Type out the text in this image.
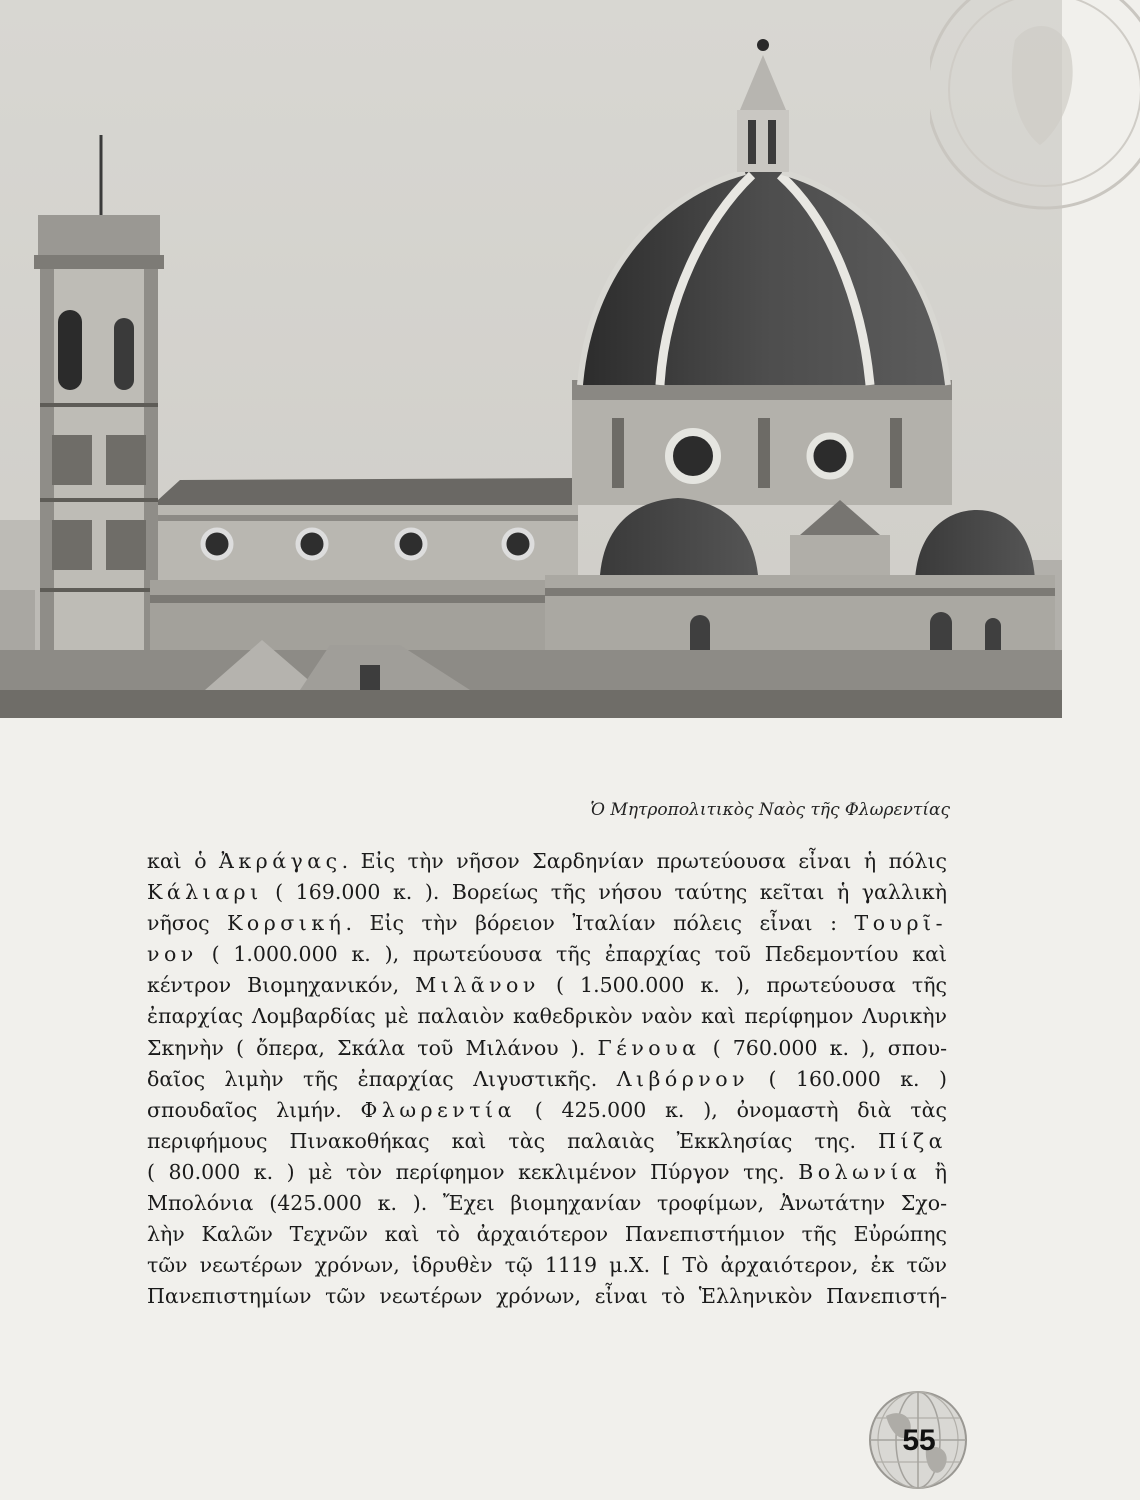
Ὁ Μητροπολιτικὸς Ναὸς τῆς Φλωρεντίας
καὶ ὁ Ἀκράγας. Εἰς τὴν νῆσον Σαρδηνίαν πρωτεύουσα εἶναι ἡ πόλις
Κάλιαρι ( 169.000 κ. ). Βορείως τῆς νήσου ταύτης κεῖται ἡ γαλλικὴ
νῆσος Κορσική. Εἰς τὴν βόρειον Ἰταλίαν πόλεις εἶναι : Τουρῖ-
νον ( 1.000.000 κ. ), πρωτεύουσα τῆς ἐπαρχίας τοῦ Πεδεμοντίου καὶ
κέντρον Βιομηχανικόν, Μιλᾶνον ( 1.500.000 κ. ), πρωτεύουσα τῆς
ἐπαρχίας Λομβαρδίας μὲ παλαιὸν καθεδρικὸν ναὸν καὶ περίφημον Λυρικὴν
Σκηνὴν ( ὄπερα, Σκάλα τοῦ Μιλάνου ). Γένουα ( 760.000 κ. ), σπου-
δαῖος λιμὴν τῆς ἐπαρχίας Λιγυστικῆς. Λιβόρνον ( 160.000 κ. )
σπουδαῖος λιμήν. Φλωρεντία ( 425.000 κ. ), ὀνομαστὴ διὰ τὰς
περιφήμους Πινακοθήκας καὶ τὰς παλαιὰς Ἐκκλησίας της. Πίζα
( 80.000 κ. ) μὲ τὸν περίφημον κεκλιμένον Πύργον της. Βολωνία ἢ
Μπολόνια (425.000 κ. ). Ἔχει βιομηχανίαν τροφίμων, Ἀνωτάτην Σχο-
λὴν Καλῶν Τεχνῶν καὶ τὸ ἀρχαιότερον Πανεπιστήμιον τῆς Εὐρώπης
τῶν νεωτέρων χρόνων, ἱδρυθὲν τῷ 1119 μ.Χ. [ Τὸ ἀρχαιότερον, ἐκ τῶν
Πανεπιστημίων τῶν νεωτέρων χρόνων, εἶναι τὸ Ἑλληνικὸν Πανεπιστή-
55
